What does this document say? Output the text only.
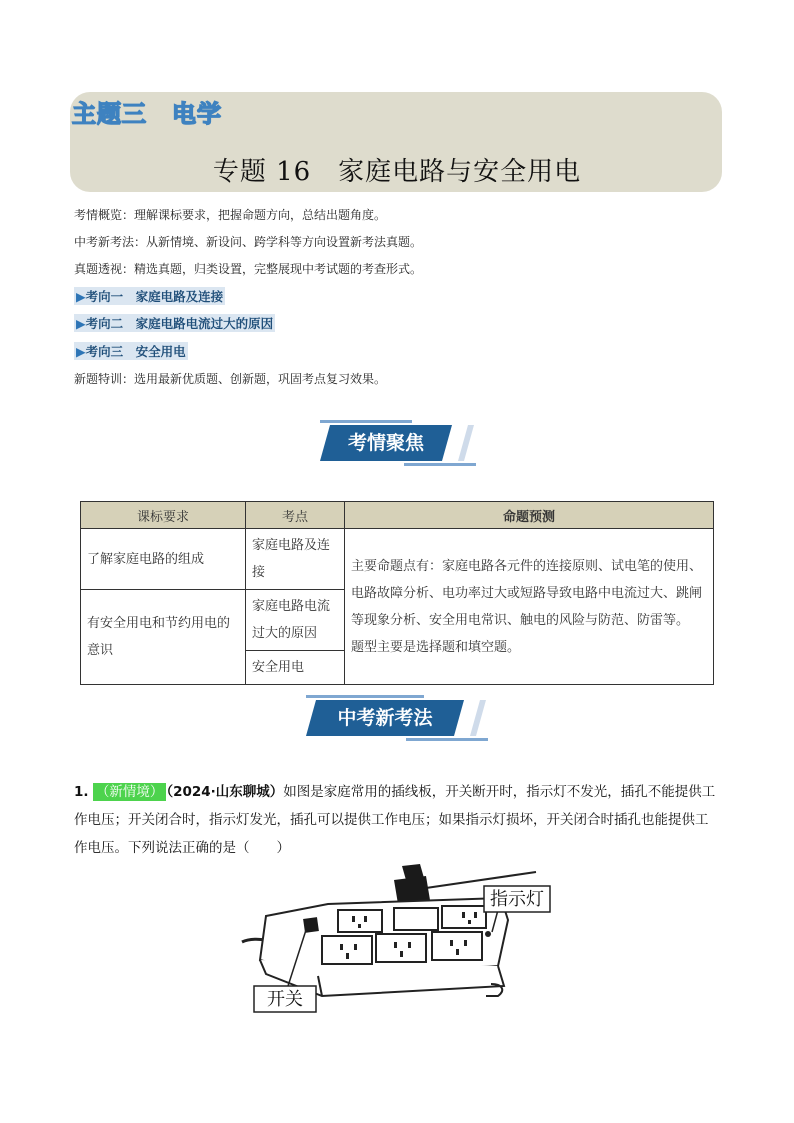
主题三　电学
专题 16　家庭电路与安全用电
考情概览：理解课标要求，把握命题方向，总结出题角度。
中考新考法：从新情境、新设问、跨学科等方向设置新考法真题。
真题透视：精选真题，归类设置，完整展现中考试题的考查形式。
▶考向一　家庭电路及连接
▶考向二　家庭电路电流过大的原因
▶考向三　安全用电
新题特训：选用最新优质题、创新题，巩固考点复习效果。
考情聚焦
课标要求	考点	命题预测
了解家庭电路的组成	家庭电路及连接	主要命题点有：家庭电路各元件的连接原则、试电笔的使用、电路故障分析、电功率过大或短路导致电路中电流过大、跳闸等现象分析、安全用电常识、触电的风险与防范、防雷等。
题型主要是选择题和填空题。

有安全用电和节约用电的意识	家庭电路电流过大的原因	
	安全用电	
中考新考法
1. （新情境） （2024·山东聊城）如图是家庭常用的插线板，开关断开时，指示灯不发光，插孔不能提供工作电压；开关闭合时，指示灯发光，插孔可以提供工作电压；如果指示灯损坏，开关闭合时插孔也能提供工作电压。下列说法正确的是（　　）
指示灯
开关
